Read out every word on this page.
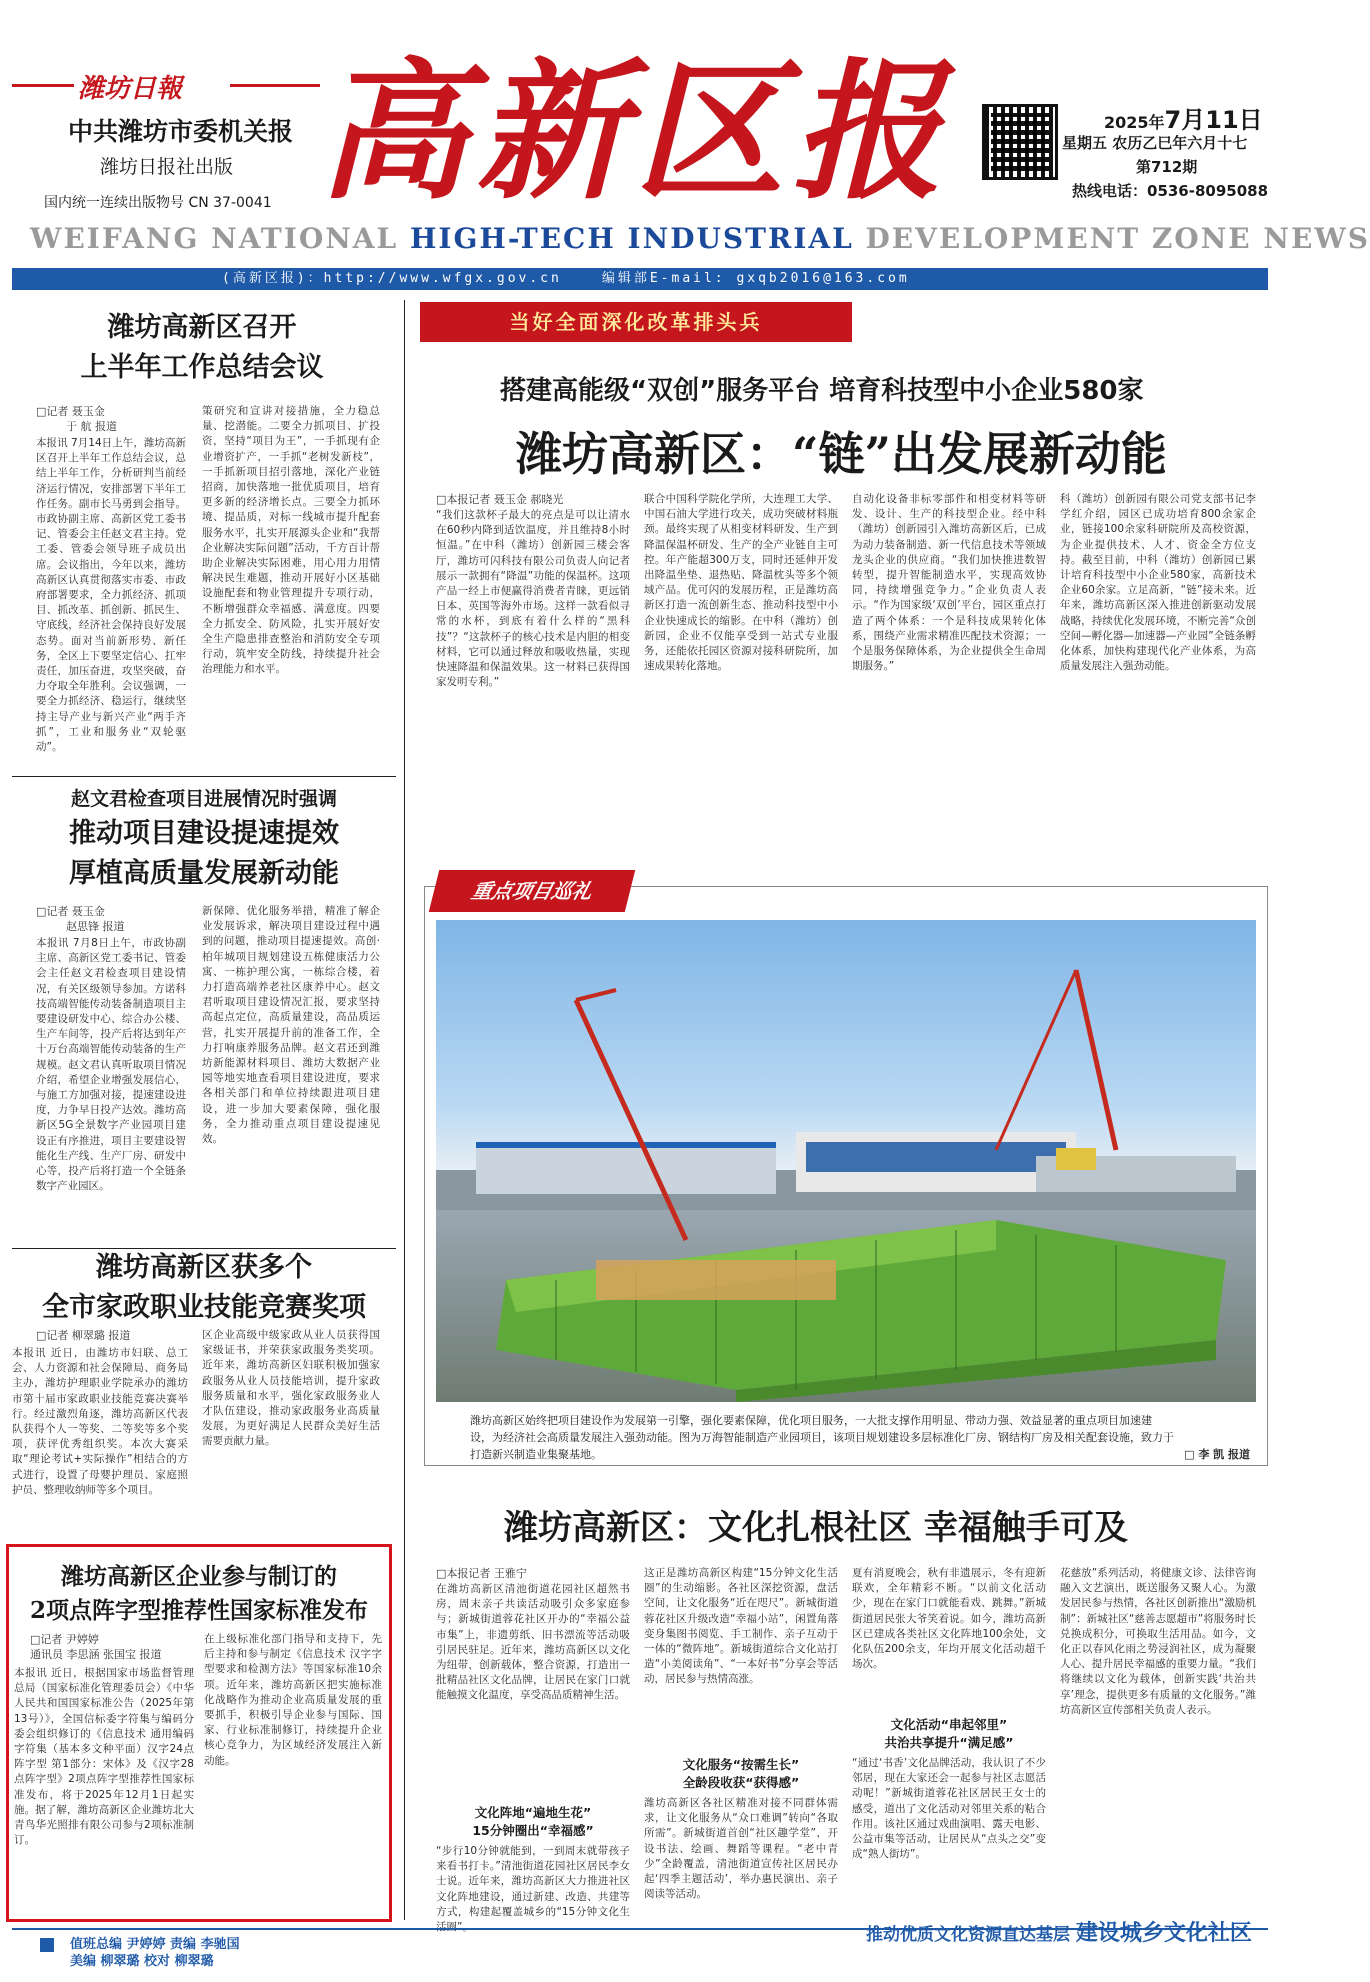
潍坊日報
中共潍坊市委机关报
潍坊日报社出版
国内统一连续出版物号 CN 37-0041 高新区报	2025年7月11日
星期五 农历乙巳年六月十七
第712期
热线电话：0536-8095088
WEIFANG NATIONAL HIGH-TECH INDUSTRIAL DEVELOPMENT ZONE NEWS
(高新区报)：http://www.wfgx.gov.cn	编辑部E-mail: gxqb2016@163.com
潍坊高新区召开
上半年工作总结会议
□记者 聂玉金
于 航 报道
本报讯 7月14日上午，潍坊高新区召开上半年工作总结会议，总结上半年工作，分析研判当前经济运行情况，安排部署下半年工作任务。副市长马勇到会指导。市政协副主席、高新区党工委书记、管委会主任赵文君主持。党工委、管委会领导班子成员出席。会议指出，今年以来，潍坊高新区认真贯彻落实市委、市政府部署要求，全力抓经济、抓项目、抓改革、抓创新、抓民生、守底线，经济社会保持良好发展态势。面对当前新形势、新任务，全区上下要坚定信心、扛牢责任，加压奋进，攻坚突破，奋力夺取全年胜利。会议强调，一要全力抓经济、稳运行，继续坚持主导产业与新兴产业“两手齐抓”，工业和服务业“双轮驱动”。
策研究和宣讲对接措施，全力稳总量、挖潜能。二要全力抓项目、扩投资，坚持“项目为王”，一手抓现有企业增资扩产，一手抓“老树发新枝”，一手抓新项目招引落地，深化产业链招商，加快落地一批优质项目，培育更多新的经济增长点。三要全力抓环境、提品质，对标一线城市提升配套服务水平，扎实开展源头企业和“我帮企业解决实际问题”活动，千方百计帮助企业解决实际困难，用心用力用情解决民生难题，推动开展好小区基础设施配套和物业管理提升专项行动，不断增强群众幸福感、满意度。四要全力抓安全、防风险，扎实开展好安全生产隐患排查整治和消防安全专项行动，筑牢安全防线，持续提升社会治理能力和水平。
赵文君检查项目进展情况时强调
推动项目建设提速提效
厚植高质量发展新动能
□记者 聂玉金
赵思锋 报道
本报讯 7月8日上午，市政协副主席、高新区党工委书记、管委会主任赵文君检查项目建设情况，有关区级领导参加。方诺科技高端智能传动装备制造项目主要建设研发中心、综合办公楼、生产车间等，投产后将达到年产十万台高端智能传动装备的生产规模。赵文君认真听取项目情况介绍，希望企业增强发展信心，与施工方加强对接，提速建设进度，力争早日投产达效。潍坊高新区5G全景数字产业园项目建设正有序推进，项目主要建设智能化生产线、生产厂房、研发中心等，投产后将打造一个全链条数字产业园区。
新保障、优化服务举措，精准了解企业发展诉求，解决项目建设过程中遇到的问题，推动项目提速提效。高创·柏年城项目规划建设五栋健康活力公寓、一栋护理公寓，一栋综合楼，着力打造高端养老社区康养中心。赵文君听取项目建设情况汇报，要求坚持高起点定位，高质量建设，高品质运营，扎实开展提升前的准备工作，全力打响康养服务品牌。赵文君还到潍坊新能源材料项目、潍坊大数据产业园等地实地查看项目建设进度，要求各相关部门和单位持续跟进项目建设，进一步加大要素保障，强化服务，全力推动重点项目建设提速见效。
潍坊高新区获多个
全市家政职业技能竞赛奖项
□记者 柳翠璐 报道
本报讯 近日，由潍坊市妇联、总工会、人力资源和社会保障局、商务局主办，潍坊护理职业学院承办的潍坊市第十届市家政职业技能竞赛决赛举行。经过激烈角逐，潍坊高新区代表队获得个人一等奖、二等奖等多个奖项，获评优秀组织奖。本次大赛采取“理论考试+实际操作”相结合的方式进行，设置了母婴护理员、家庭照护员、整理收纳师等多个项目。
区企业高级中级家政从业人员获得国家级证书，并荣获家政服务类奖项。近年来，潍坊高新区妇联积极加强家政服务从业人员技能培训，提升家政服务质量和水平，强化家政服务业人才队伍建设，推动家政服务业高质量发展，为更好满足人民群众美好生活需要贡献力量。
潍坊高新区企业参与制订的
2项点阵字型推荐性国家标准发布
□记者 尹婷婷
通讯员 李思涵 张国宝 报道
本报讯 近日，根据国家市场监督管理总局（国家标准化管理委员会）《中华人民共和国国家标准公告（2025年第13号）》，全国信标委字符集与编码分委会组织修订的《信息技术 通用编码字符集（基本多文种平面）汉字24点阵字型 第1部分：宋体》及《汉字28点阵字型》2项点阵字型推荐性国家标准发布，将于2025年12月1日起实施。据了解，潍坊高新区企业潍坊北大青鸟华光照排有限公司参与2项标准制订。
在上级标准化部门指导和支持下，先后主持和参与制定《信息技术 汉字字型要求和检测方法》等国家标准10余项。近年来，潍坊高新区把实施标准化战略作为推动企业高质量发展的重要抓手，积极引导企业参与国际、国家、行业标准制修订，持续提升企业核心竞争力，为区域经济发展注入新动能。
当好全面深化改革排头兵
搭建高能级“双创”服务平台 培育科技型中小企业580家
潍坊高新区：“链”出发展新动能
□本报记者 聂玉金 郝晓光
“我们这款杯子最大的亮点是可以让清水在60秒内降到适饮温度，并且维持8小时恒温。”在中科（潍坊）创新园三楼会客厅，潍坊可闪科技有限公司负责人向记者展示一款拥有“降温”功能的保温杯。这项产品一经上市便赢得消费者青睐，更远销日本、英国等海外市场。这样一款看似寻常的水杯，到底有着什么样的“黑科技”？“这款杯子的核心技术是内胆的相变材料，它可以通过释放和吸收热量，实现快速降温和保温效果。这一材料已获得国家发明专利。”
联合中国科学院化学所，大连理工大学、中国石油大学进行攻关，成功突破材料瓶颈。最终实现了从相变材料研发、生产到降温保温杯研发、生产的全产业链自主可控。年产能超300万支，同时还延伸开发出降温坐垫、退热贴、降温枕头等多个领域产品。优可闪的发展历程，正是潍坊高新区打造一流创新生态、推动科技型中小企业快速成长的缩影。在中科（潍坊）创新园，企业不仅能享受到一站式专业服务，还能依托园区资源对接科研院所，加速成果转化落地。
自动化设备非标零部件和相变材料等研发、设计、生产的科技型企业。经中科（潍坊）创新园引入潍坊高新区后，已成为动力装备制造、新一代信息技术等领域龙头企业的供应商。“我们加快推进数智转型，提升智能制造水平，实现高效协同，持续增强竞争力。”企业负责人表示。“作为国家级‘双创’平台，园区重点打造了两个体系：一个是科技成果转化体系，围绕产业需求精准匹配技术资源；一个是服务保障体系，为企业提供全生命周期服务。”
科（潍坊）创新园有限公司党支部书记李学红介绍，园区已成功培育800余家企业，链接100余家科研院所及高校资源，为企业提供技术、人才、资金全方位支持。截至目前，中科（潍坊）创新园已累计培育科技型中小企业580家，高新技术企业60余家。立足高新，“链”接未来。近年来，潍坊高新区深入推进创新驱动发展战略，持续优化发展环境，不断完善“众创空间—孵化器—加速器—产业园”全链条孵化体系，加快构建现代化产业体系，为高质量发展注入强劲动能。
重点项目巡礼
潍坊高新区始终把项目建设作为发展第一引擎，强化要素保障，优化项目服务，一大批支撑作用明显、带动力强、效益显著的重点项目加速建
设，为经济社会高质量发展注入强劲动能。图为万海智能制造产业园项目，该项目规划建设多层标准化厂房、钢结构厂房及相关配套设施，致力于
打造新兴制造业集聚基地。	□ 李 凯 报道
潍坊高新区：文化扎根社区 幸福触手可及
□本报记者 王雅宁
在潍坊高新区清池街道花园社区超然书房，周末亲子共读活动吸引众多家庭参与；新城街道蓉花社区开办的“幸福公益市集”上，非遗剪纸、旧书漂流等活动吸引居民驻足。近年来，潍坊高新区以文化为纽带，创新载体，整合资源，打造出一批精品社区文化品牌，让居民在家门口就能触摸文化温度，享受高品质精神生活。
文化阵地“遍地生花”
15分钟圈出“幸福感”
“步行10分钟就能到，一到周末就带孩子来看书打卡。”清池街道花园社区居民李女士说。近年来，潍坊高新区大力推进社区文化阵地建设，通过新建、改造、共建等方式，构建起覆盖城乡的“15分钟文化生
这正是潍坊高新区构建“15分钟文化生活圈”的生动缩影。各社区深挖资源，盘活空间，让文化服务“近在咫尺”。新城街道蓉花社区升级改造“幸福小站”，闲置角落变身集图书阅览、手工制作、亲子互动于一体的“微阵地”。新城街道综合文化站打造“小美阅读角”、“一本好书”分享会等活动，居民参与热情高涨。
文化服务“按需生长”
全龄段收获“获得感”
潍坊高新区各社区精准对接不同群体需求，让文化服务从“众口难调”转向“各取所需”。新城街道首创“社区趣学堂”，开设书法、绘画、舞蹈等课程。“老中青少”全龄覆盖，清池街道宣传社区居民办起‘四季主题活动’，举办惠民演出、亲子阅读等活动。
夏有消夏晚会，秋有非遗展示，冬有迎新联欢，全年精彩不断。“以前文化活动少，现在在家门口就能看戏、跳舞。”新城街道居民张大爷笑着说。如今，潍坊高新区已建成各类社区文化阵地100余处，文化队伍200余支，年均开展文化活动超千场次。
文化活动“串起邻里”
共治共享提升“满足感”
“通过‘书香’文化品牌活动，我认识了不少邻居，现在大家还会一起参与社区志愿活动呢！”新城街道蓉花社区居民王女士的感受，道出了文化活动对邻里关系的粘合作用。该社区通过戏曲演唱、露天电影、公益市集等活动，让居民从“点头之交”变成“熟人街坊”。
花慈放”系列活动，将健康文诊、法律咨询融入文艺演出，既送服务又聚人心。为激发居民参与热情，各社区创新推出“激励机制”：新城社区“慈善志愿超市”将服务时长兑换成积分，可换取生活用品。如今，文化正以春风化雨之势浸润社区，成为凝聚人心、提升居民幸福感的重要力量。“我们将继续以文化为载体，创新实践‘共治共享’理念，提供更多有质量的文化服务。”潍坊高新区宣传部相关负责人表示。
值班总编 尹婷婷 责编 李驰国
美编 柳翠璐 校对 柳翠璐
推动优质文化资源直达基层 建设城乡文化社区
